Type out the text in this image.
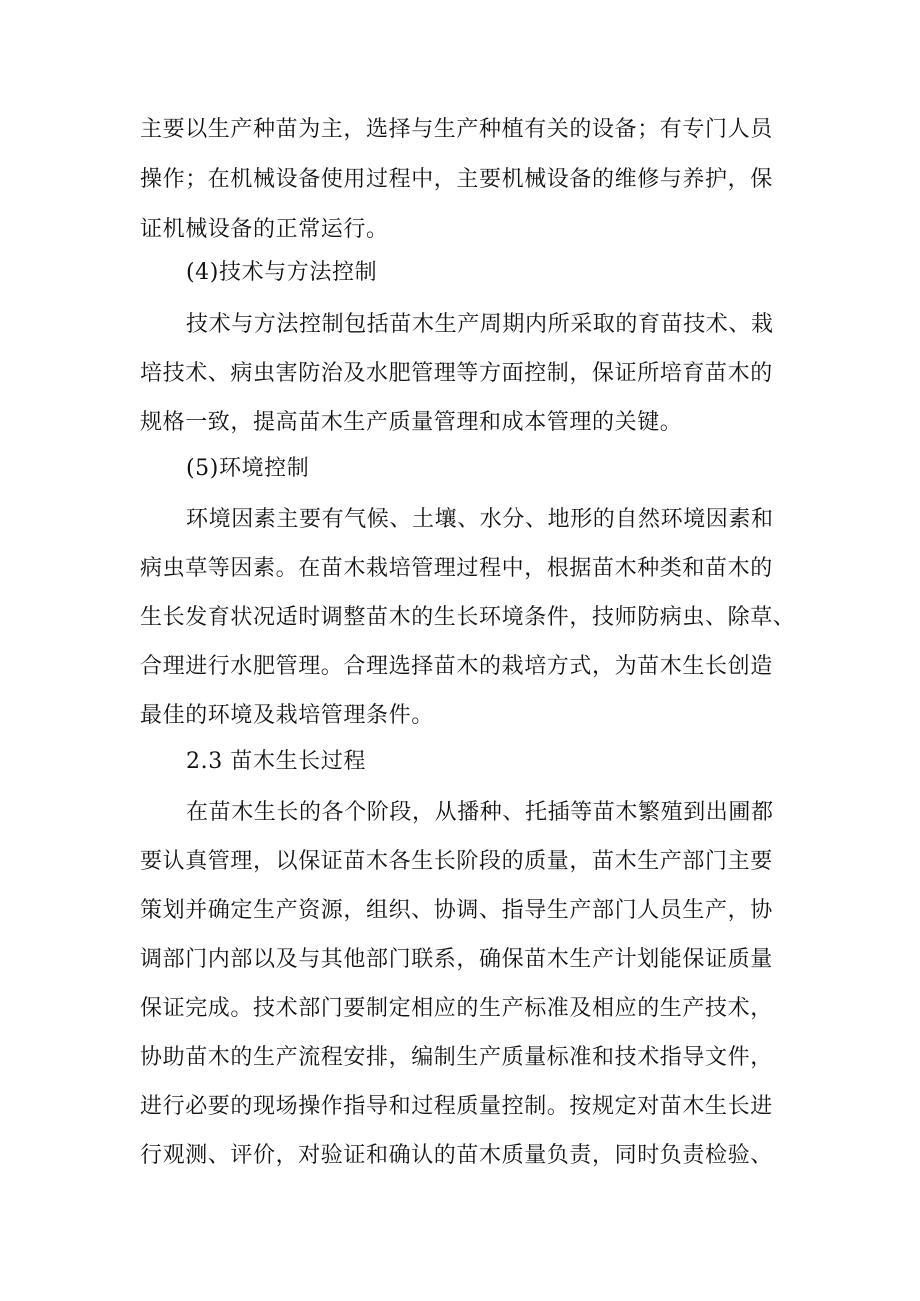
主要以生产种苗为主，选择与生产种植有关的设备；有专门人员
操作；在机械设备使用过程中，主要机械设备的维修与养护，保
证机械设备的正常运行。
(4)技术与方法控制
技术与方法控制包括苗木生产周期内所采取的育苗技术、栽
培技术、病虫害防治及水肥管理等方面控制，保证所培育苗木的
规格一致，提高苗木生产质量管理和成本管理的关键。
(5)环境控制
环境因素主要有气候、土壤、水分、地形的自然环境因素和
病虫草等因素。在苗木栽培管理过程中，根据苗木种类和苗木的
生长发育状况适时调整苗木的生长环境条件，技师防病虫、除草、
合理进行水肥管理。合理选择苗木的栽培方式，为苗木生长创造
最佳的环境及栽培管理条件。
2.3 苗木生长过程
在苗木生长的各个阶段，从播种、托插等苗木繁殖到出圃都
要认真管理，以保证苗木各生长阶段的质量，苗木生产部门主要
策划并确定生产资源，组织、协调、指导生产部门人员生产，协
调部门内部以及与其他部门联系，确保苗木生产计划能保证质量
保证完成。技术部门要制定相应的生产标准及相应的生产技术，
协助苗木的生产流程安排，编制生产质量标准和技术指导文件，
进行必要的现场操作指导和过程质量控制。按规定对苗木生长进
行观测、评价，对验证和确认的苗木质量负责，同时负责检验、
